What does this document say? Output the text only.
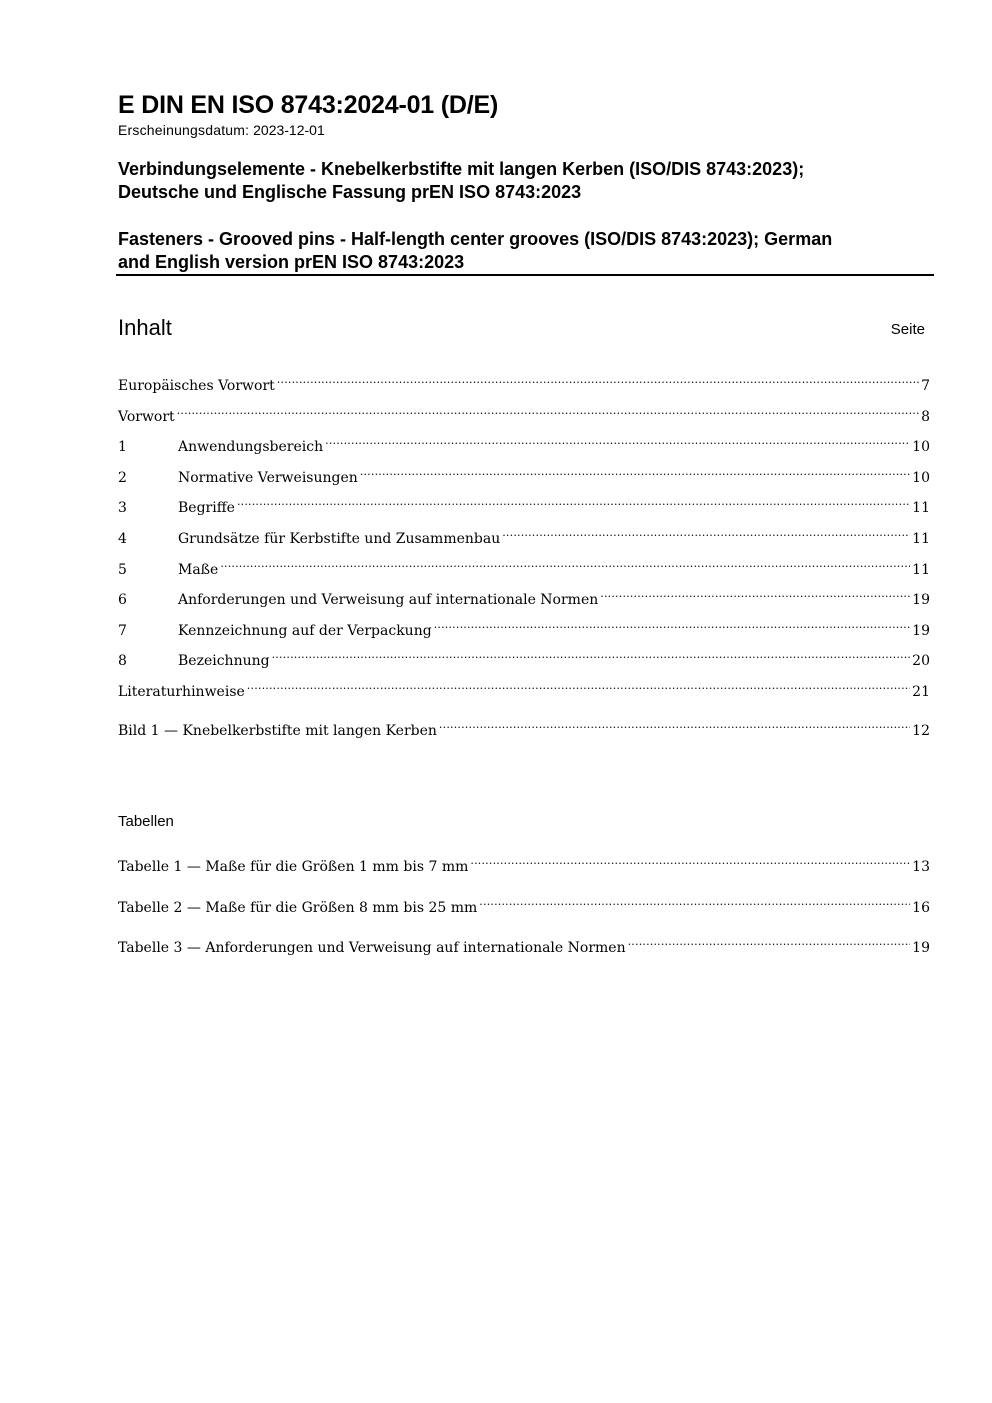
E DIN EN ISO 8743:2024-01 (D/E)
Erscheinungsdatum: 2023-12-01
Verbindungselemente - Knebelkerbstifte mit langen Kerben (ISO/DIS 8743:2023);
Deutsche und Englische Fassung prEN ISO 8743:2023
Fasteners - Grooved pins - Half-length center grooves (ISO/DIS 8743:2023); German
and English version prEN ISO 8743:2023
Inhalt	Seite
Europäisches Vorwort .....	7
Vorwort .....	8
1	Anwendungsbereich .....	10
2	Normative Verweisungen .....	10
3	Begriffe .....	11
4	Grundsätze für Kerbstifte und Zusammenbau .....	11
5	Maße .....	11
6	Anforderungen und Verweisung auf internationale Normen .....	19
7	Kennzeichnung auf der Verpackung .....	19
8	Bezeichnung .....	20
Literaturhinweise .....	21
Bild 1 — Knebelkerbstifte mit langen Kerben .....	12
Tabellen
Tabelle 1 — Maße für die Größen 1 mm bis 7 mm .....	13
Tabelle 2 — Maße für die Größen 8 mm bis 25 mm .....	16
Tabelle 3 — Anforderungen und Verweisung auf internationale Normen .....	19
